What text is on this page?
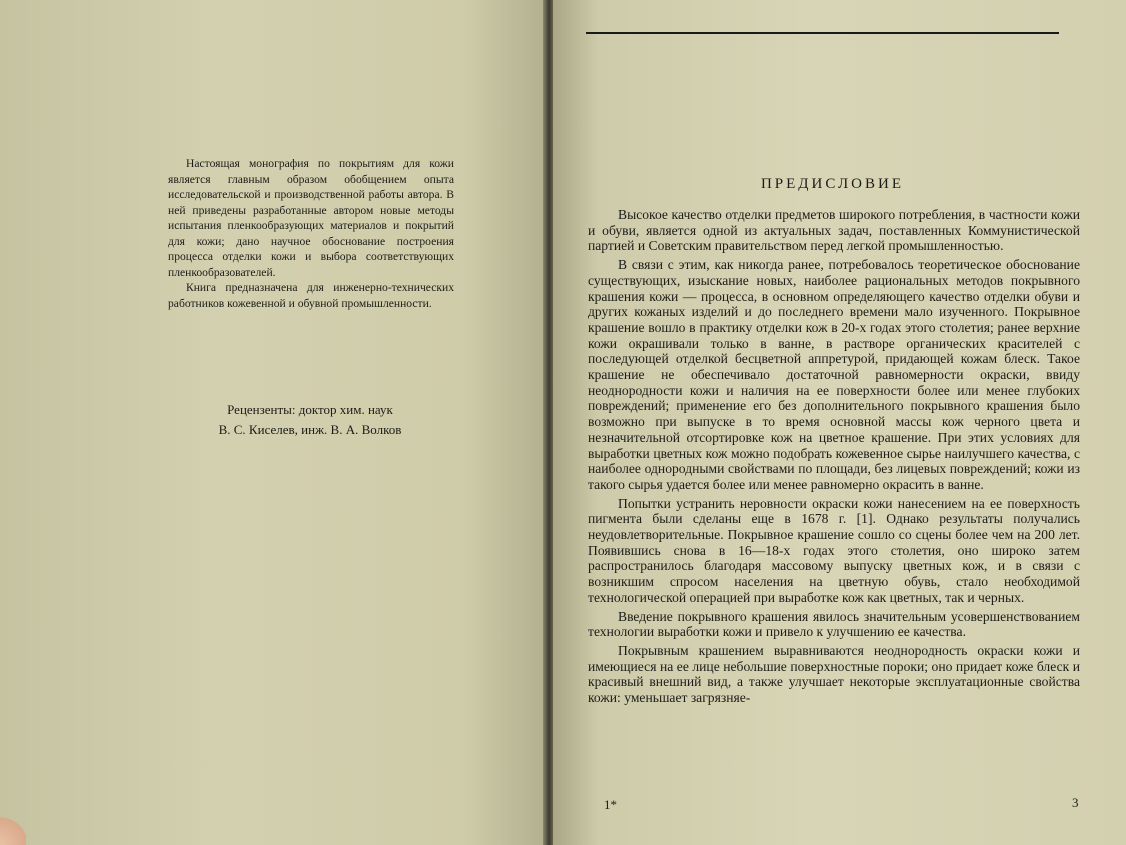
Настоящая монография по покрытиям для кожи является главным образом обобщением опыта исследовательской и производственной работы автора. В ней приведены разработанные автором новые методы испытания пленкообразующих материалов и покрытий для кожи; дано научное обоснование построения процесса отделки кожи и выбора соответствующих пленкообразователей.

Книга предназначена для инженерно-технических работников кожевенной и обувной промышленности.

Рецензенты: доктор хим. наук
В. С. Киселев, инж. В. А. Волков
ПРЕДИСЛОВИЕ

Высокое качество отделки предметов широкого потребления, в частности кожи и обуви, является одной из актуальных задач, поставленных Коммунистической партией и Советским правительством перед легкой промышленностью.

В связи с этим, как никогда ранее, потребовалось теоретическое обоснование существующих, изыскание новых, наиболее рациональных методов покрывного крашения кожи — процесса, в основном определяющего качество отделки обуви и других кожаных изделий и до последнего времени мало изученного. Покрывное крашение вошло в практику отделки кож в 20-х годах этого столетия; ранее верхние кожи окрашивали только в ванне, в растворе органических красителей с последующей отделкой бесцветной аппретурой, придающей кожам блеск. Такое крашение не обеспечивало достаточной равномерности окраски, ввиду неоднородности кожи и наличия на ее поверхности более или менее глубоких повреждений; применение его без дополнительного покрывного крашения было возможно при выпуске в то время основной массы кож черного цвета и незначительной отсортировке кож на цветное крашение. При этих условиях для выработки цветных кож можно подобрать кожевенное сырье наилучшего качества, с наиболее однородными свойствами по площади, без лицевых повреждений; кожи из такого сырья удается более или менее равномерно окрасить в ванне.

Попытки устранить неровности окраски кожи нанесением на ее поверхность пигмента были сделаны еще в 1678 г. [1]. Однако результаты получались неудовлетворительные. Покрывное крашение сошло со сцены более чем на 200 лет. Появившись снова в 16—18-х годах этого столетия, оно широко затем распространилось благодаря массовому выпуску цветных кож, и в связи с возникшим спросом населения на цветную обувь, стало необходимой технологической операцией при выработке кож как цветных, так и черных.

Введение покрывного крашения явилось значительным усовершенствованием технологии выработки кожи и привело к улучшению ее качества.

Покрывным крашением выравниваются неоднородность окраски кожи и имеющиеся на ее лице небольшие поверхностные пороки; оно придает коже блеск и красивый внешний вид, а также улучшает некоторые эксплуатационные свойства кожи: уменьшает загрязняе-

1*	3
